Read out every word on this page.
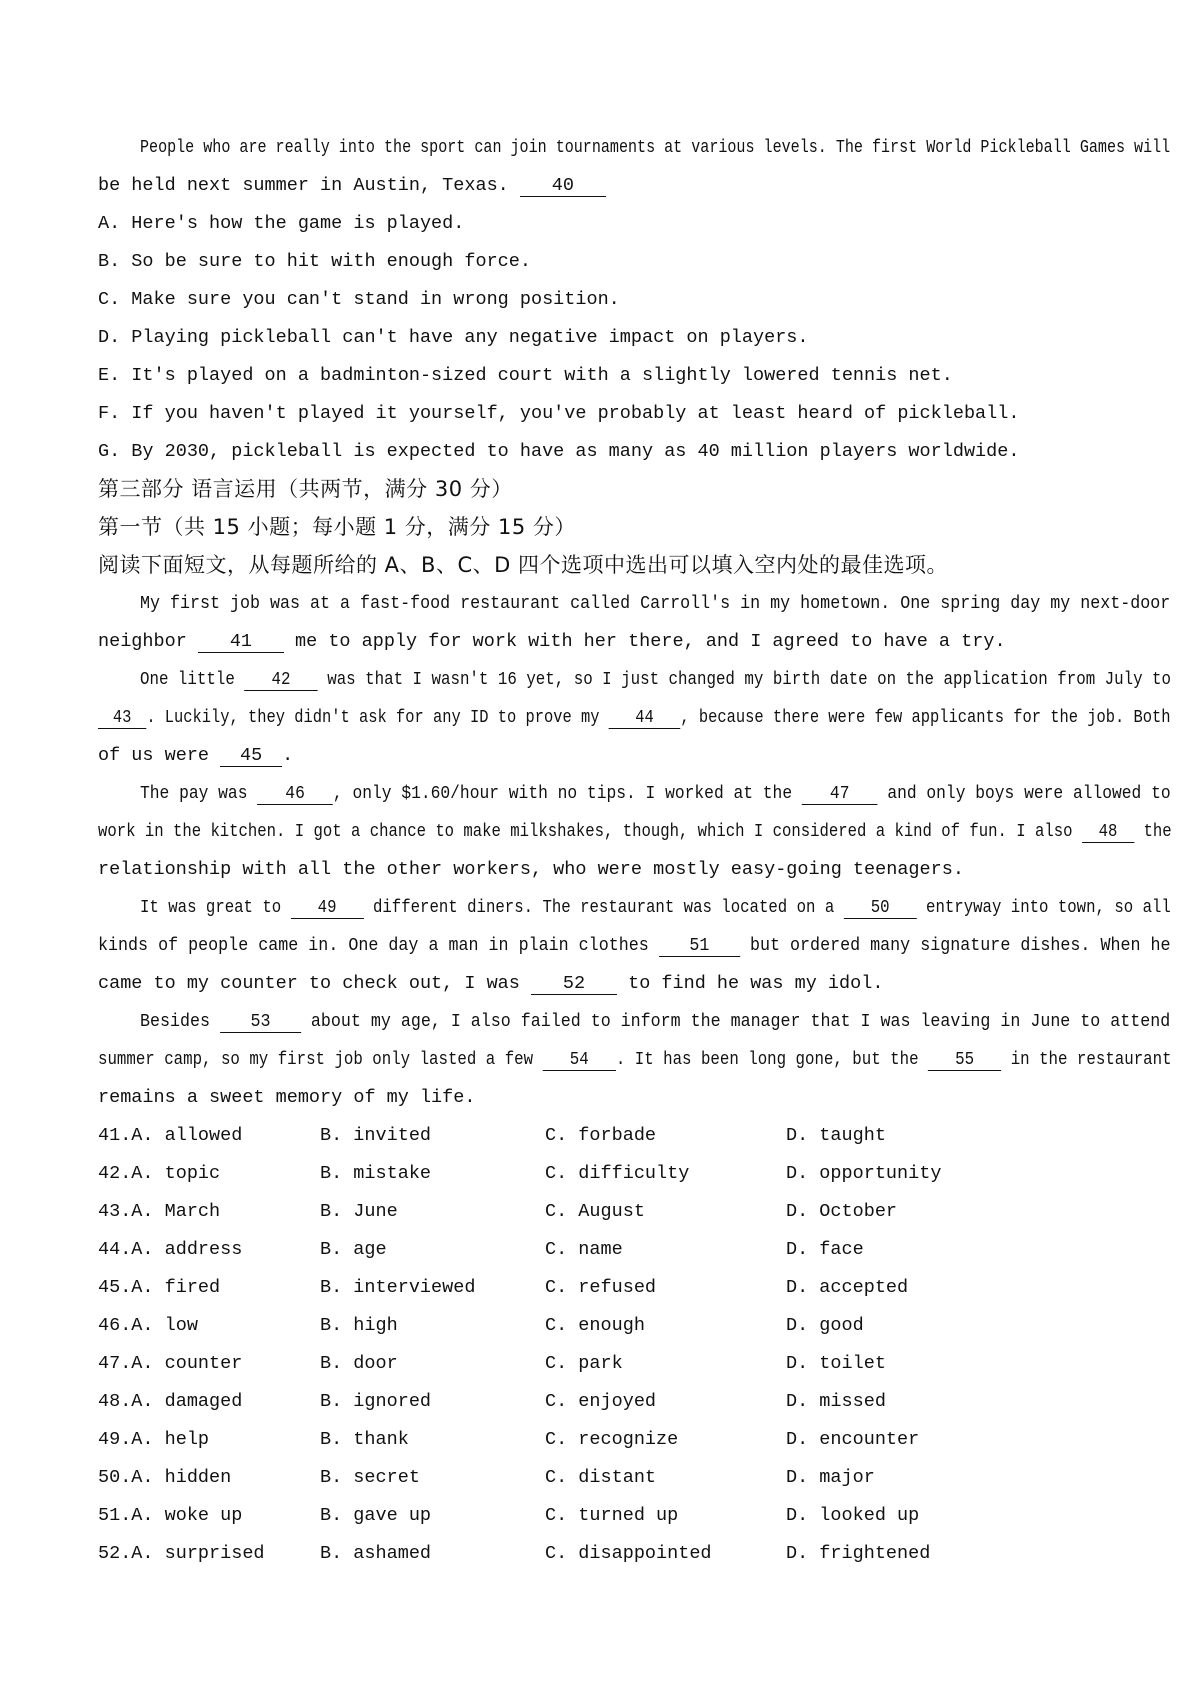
People who are really into the sport can join tournaments at various levels. The first World Pickleball Games will
be held next summer in Austin, Texas. 40
A. Here's how the game is played.
B. So be sure to hit with enough force.
C. Make sure you can't stand in wrong position.
D. Playing pickleball can't have any negative impact on players.
E. It's played on a badminton-sized court with a slightly lowered tennis net.
F. If you haven't played it yourself, you've probably at least heard of pickleball.
G. By 2030, pickleball is expected to have as many as 40 million players worldwide.
第三部分 语言运用（共两节，满分 30 分）
第一节（共 15 小题；每小题 1 分，满分 15 分）
阅读下面短文，从每题所给的 A、B、C、D 四个选项中选出可以填入空内处的最佳选项。
My first job was at a fast-food restaurant called Carroll's in my hometown. One spring day my next-door
neighbor 41 me to apply for work with her there, and I agreed to have a try.
One little 42 was that I wasn't 16 yet, so I just changed my birth date on the application from July to
43 . Luckily, they didn't ask for any ID to prove my 44 , because there were few applicants for the job. Both
of us were 45 .
The pay was 46 , only $1.60/hour with no tips. I worked at the 47 and only boys were allowed to
work in the kitchen. I got a chance to make milkshakes, though, which I considered a kind of fun. I also 48 the
relationship with all the other workers, who were mostly easy-going teenagers.
It was great to 49 different diners. The restaurant was located on a 50 entryway into town, so all
kinds of people came in. One day a man in plain clothes 51 but ordered many signature dishes. When he
came to my counter to check out, I was 52 to find he was my idol.
Besides 53 about my age, I also failed to inform the manager that I was leaving in June to attend
summer camp, so my first job only lasted a few 54 . It has been long gone, but the 55 in the restaurant
remains a sweet memory of my life.
41.A. allowed	B. invited	C. forbade	D. taught
42.A. topic	B. mistake	C. difficulty	D. opportunity
43.A. March	B. June	C. August	D. October
44.A. address	B. age	C. name	D. face
45.A. fired	B. interviewed	C. refused	D. accepted
46.A. low	B. high	C. enough	D. good
47.A. counter	B. door	C. park	D. toilet
48.A. damaged	B. ignored	C. enjoyed	D. missed
49.A. help	B. thank	C. recognize	D. encounter
50.A. hidden	B. secret	C. distant	D. major
51.A. woke up	B. gave up	C. turned up	D. looked up
52.A. surprised	B. ashamed	C. disappointed	D. frightened
